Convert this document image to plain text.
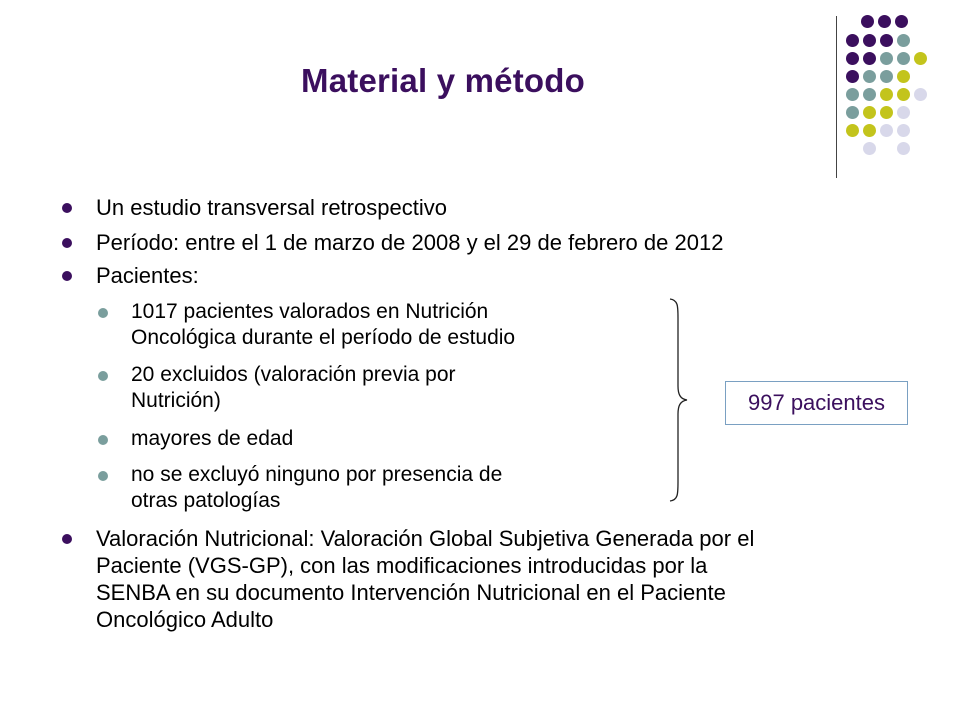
Material y método
Un estudio transversal retrospectivo
Período: entre el 1 de marzo de 2008 y el 29 de febrero de 2012
Pacientes:
Valoración Nutricional: Valoración Global Subjetiva Generada por el
Paciente (VGS-GP), con las modificaciones introducidas por la
SENBA en su documento Intervención Nutricional en el Paciente
Oncológico Adulto
1017 pacientes valorados en Nutrición
Oncológica durante el período de estudio
20 excluidos (valoración previa por
Nutrición)
mayores de edad
no se excluyó ninguno por presencia de
otras patologías
997 pacientes
